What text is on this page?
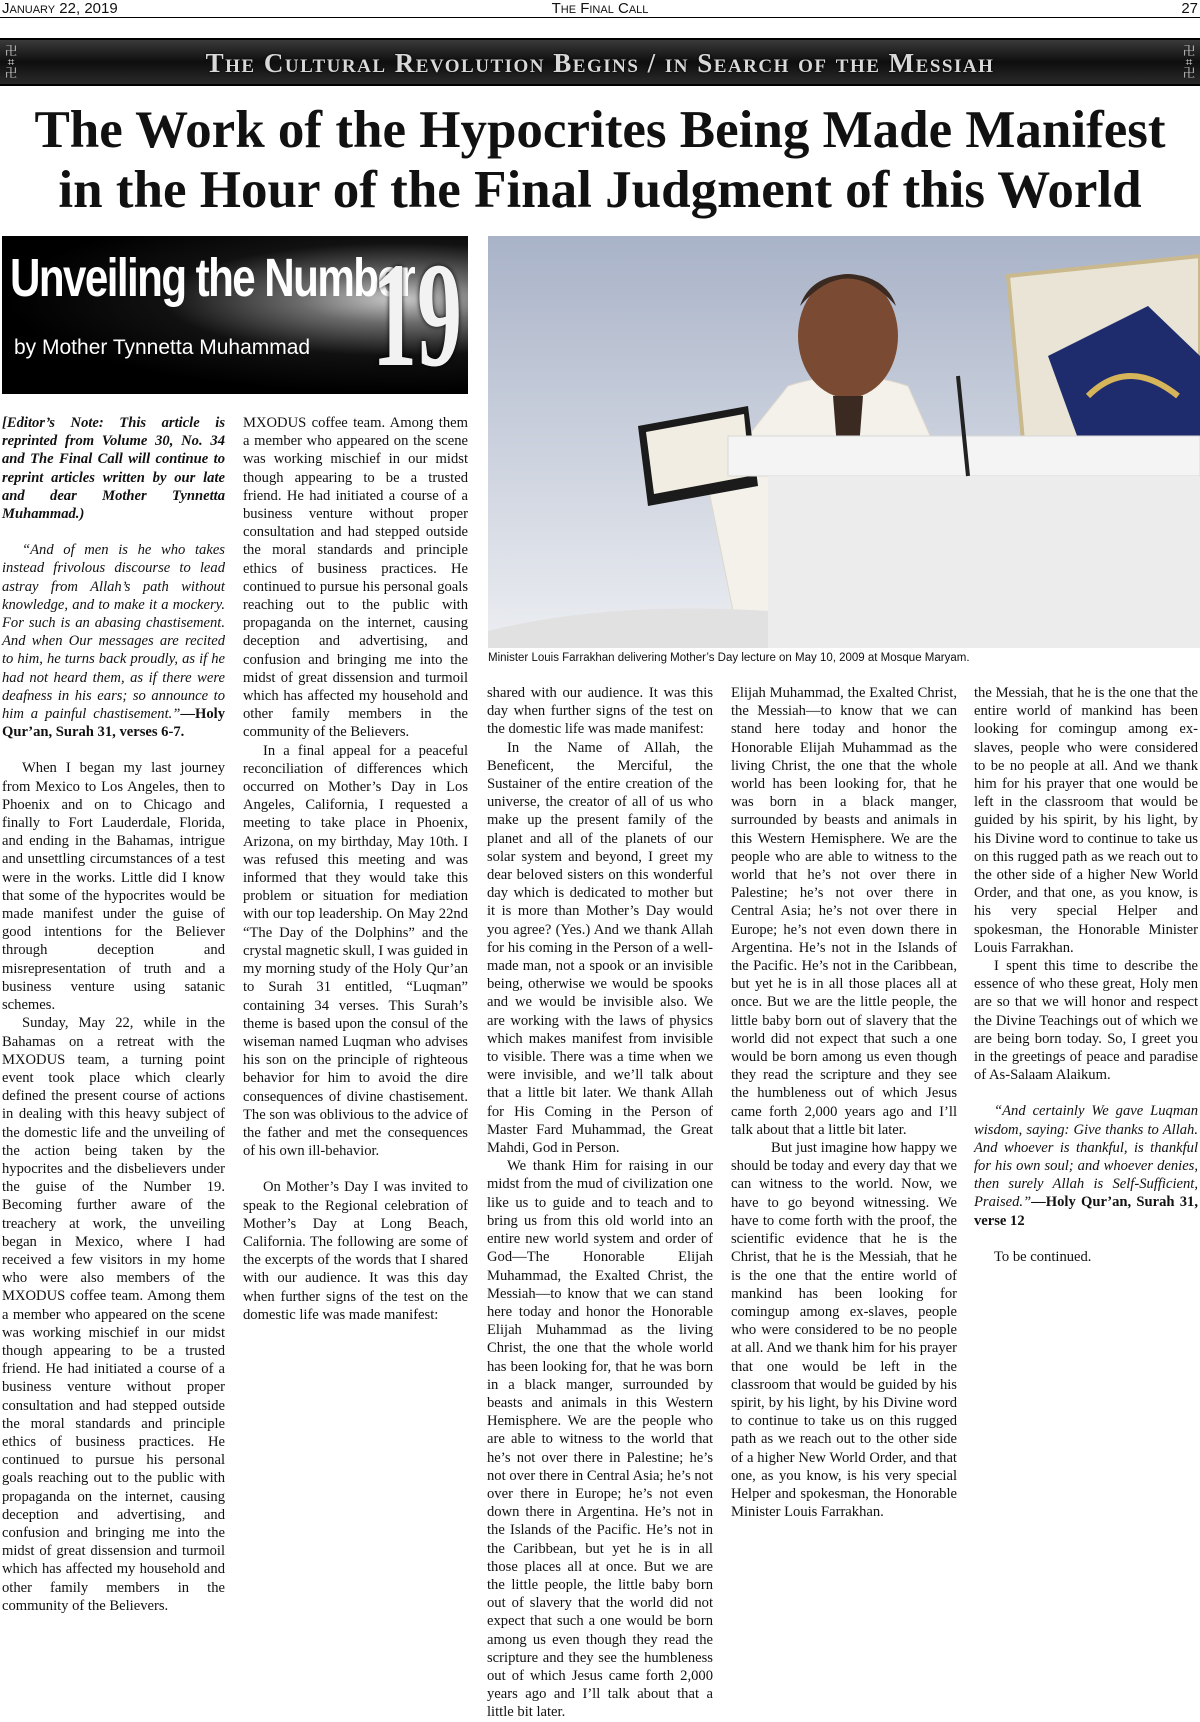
January 22, 2019	The Final Call	27
卍
⌗
卍	The Cultural Revolution Begins / in Search of the Messiah	卍
⌗
卍
The Work of the Hypocrites Being Made Manifest
in the Hour of the Final Judgment of this World
Unveiling the Number
by Mother Tynnetta Muhammad 19
Minister Louis Farrakhan delivering Mother’s Day lecture on May 10, 2009 at Mosque Maryam.

[Editor’s Note: This article is reprinted from Volume 30, No. 34 and The Final Call will continue to reprint articles written by our late and dear Mother Tynnetta Muhammad.)

“And of men is he who takes instead frivolous discourse to lead astray from Allah’s path without knowledge, and to make it a mockery. For such is an abasing chastisement. And when Our messages are recited to him, he turns back proudly, as if he had not heard them, as if there were deafness in his ears; so announce to him a painful chastisement.”—Holy Qur’an, Surah 31, verses 6-7.

When I began my last journey from Mexico to Los Angeles, then to Phoenix and on to Chicago and finally to Fort Lauderdale, Florida, and ending in the Bahamas, intrigue and unsettling circumstances of a test were in the works. Little did I know that some of the hypocrites would be made manifest under the guise of good intentions for the Believer through deception and misrepresentation of truth and a business venture using satanic schemes.

Sunday, May 22, while in the Bahamas on a retreat with the MXODUS team, a turning point event took place which clearly defined the present course of actions in dealing with this heavy subject of the domestic life and the unveiling of the action being taken by the hypocrites and the disbelievers under the guise of the Number 19. Becoming further aware of the treachery at work, the unveiling began in Mexico, where I had received a few visitors in my home who were also members of the MXODUS coffee team. Among them a member who appeared on the scene was working mischief in our midst though appearing to be a trusted friend. He had initiated a course of a business venture without proper consultation and had stepped outside the moral standards and principle ethics of business practices. He continued to pursue his personal goals reaching out to the public with propaganda on the internet, causing deception and advertising, and confusion and bringing me into the midst of great dissension and turmoil which has affected my household and other family members in the community of the Believers.

MXODUS coffee team. Among them a member who appeared on the scene was working mischief in our midst though appearing to be a trusted friend. He had initiated a course of a business venture without proper consultation and had stepped outside the moral standards and principle ethics of business practices. He continued to pursue his personal goals reaching out to the public with propaganda on the internet, causing deception and advertising, and confusion and bringing me into the midst of great dissension and turmoil which has affected my household and other family members in the community of the Believers.

In a final appeal for a peaceful reconciliation of differences which occurred on Mother’s Day in Los Angeles, California, I requested a meeting to take place in Phoenix, Arizona, on my birthday, May 10th. I was refused this meeting and was informed that they would take this problem or situation for mediation with our top leadership. On May 22nd “The Day of the Dolphins” and the crystal magnetic skull, I was guided in my morning study of the Holy Qur’an to Surah 31 entitled, “Luqman” containing 34 verses. This Surah’s theme is based upon the consul of the wiseman named Luqman who advises his son on the principle of righteous behavior for him to avoid the dire consequences of divine chastisement. The son was oblivious to the advice of the father and met the consequences of his own ill-behavior.

On Mother’s Day I was invited to speak to the Regional celebration of Mother’s Day at Long Beach, California. The following are some of the excerpts of the words that I shared with our audience. It was this day when further signs of the test on the domestic life was made manifest:

shared with our audience. It was this day when further signs of the test on the domestic life was made manifest:

In the Name of Allah, the Beneficent, the Merciful, the Sustainer of the entire creation of the universe, the creator of all of us who make up the present family of the planet and all of the planets of our solar system and beyond, I greet my dear beloved sisters on this wonderful day which is dedicated to mother but it is more than Mother’s Day would you agree? (Yes.) And we thank Allah for his coming in the Person of a well-made man, not a spook or an invisible being, otherwise we would be spooks and we would be invisible also. We are working with the laws of physics which makes manifest from invisible to visible. There was a time when we were invisible, and we’ll talk about that a little bit later. We thank Allah for His Coming in the Person of Master Fard Muhammad, the Great Mahdi, God in Person.

We thank Him for raising in our midst from the mud of civilization one like us to guide and to teach and to bring us from this old world into an entire new world system and order of God—The Honorable Elijah Muhammad, the Exalted Christ, the Messiah—to know that we can stand here today and honor the Honorable Elijah Muhammad as the living Christ, the one that the whole world has been looking for, that he was born in a black manger, surrounded by beasts and animals in this Western Hemisphere. We are the people who are able to witness to the world that he’s not over there in Palestine; he’s not over there in Central Asia; he’s not over there in Europe; he’s not even down there in Argentina. He’s not in the Islands of the Pacific. He’s not in the Caribbean, but yet he is in all those places all at once. But we are the little people, the little baby born out of slavery that the world did not expect that such a one would be born among us even though they read the scripture and they see the humbleness out of which Jesus came forth 2,000 years ago and I’ll talk about that a little bit later.

Elijah Muhammad, the Exalted Christ, the Messiah—to know that we can stand here today and honor the Honorable Elijah Muhammad as the living Christ, the one that the whole world has been looking for, that he was born in a black manger, surrounded by beasts and animals in this Western Hemisphere. We are the people who are able to witness to the world that he’s not over there in Palestine; he’s not over there in Central Asia; he’s not over there in Europe; he’s not even down there in Argentina. He’s not in the Islands of the Pacific. He’s not in the Caribbean, but yet he is in all those places all at once. But we are the little people, the little baby born out of slavery that the world did not expect that such a one would be born among us even though they read the scripture and they see the humbleness out of which Jesus came forth 2,000 years ago and I’ll talk about that a little bit later.

But just imagine how happy we should be today and every day that we can witness to the world. Now, we have to go beyond witnessing. We have to come forth with the proof, the scientific evidence that he is the Christ, that he is the Messiah, that he is the one that the entire world of mankind has been looking for comingup among ex-slaves, people who were considered to be no people at all. And we thank him for his prayer that one would be left in the classroom that would be guided by his spirit, by his light, by his Divine word to continue to take us on this rugged path as we reach out to the other side of a higher New World Order, and that one, as you know, is his very special Helper and spokesman, the Honorable Minister Louis Farrakhan.

the Messiah, that he is the one that the entire world of mankind has been looking for comingup among ex-slaves, people who were considered to be no people at all. And we thank him for his prayer that one would be left in the classroom that would be guided by his spirit, by his light, by his Divine word to continue to take us on this rugged path as we reach out to the other side of a higher New World Order, and that one, as you know, is his very special Helper and spokesman, the Honorable Minister Louis Farrakhan.

I spent this time to describe the essence of who these great, Holy men are so that we will honor and respect the Divine Teachings out of which we are being born today. So, I greet you in the greetings of peace and paradise of As-Salaam Alaikum.

“And certainly We gave Luqman wisdom, saying: Give thanks to Allah. And whoever is thankful, is thankful for his own soul; and whoever denies, then surely Allah is Self-Sufficient, Praised.”—Holy Qur’an, Surah 31, verse 12

To be continued.
